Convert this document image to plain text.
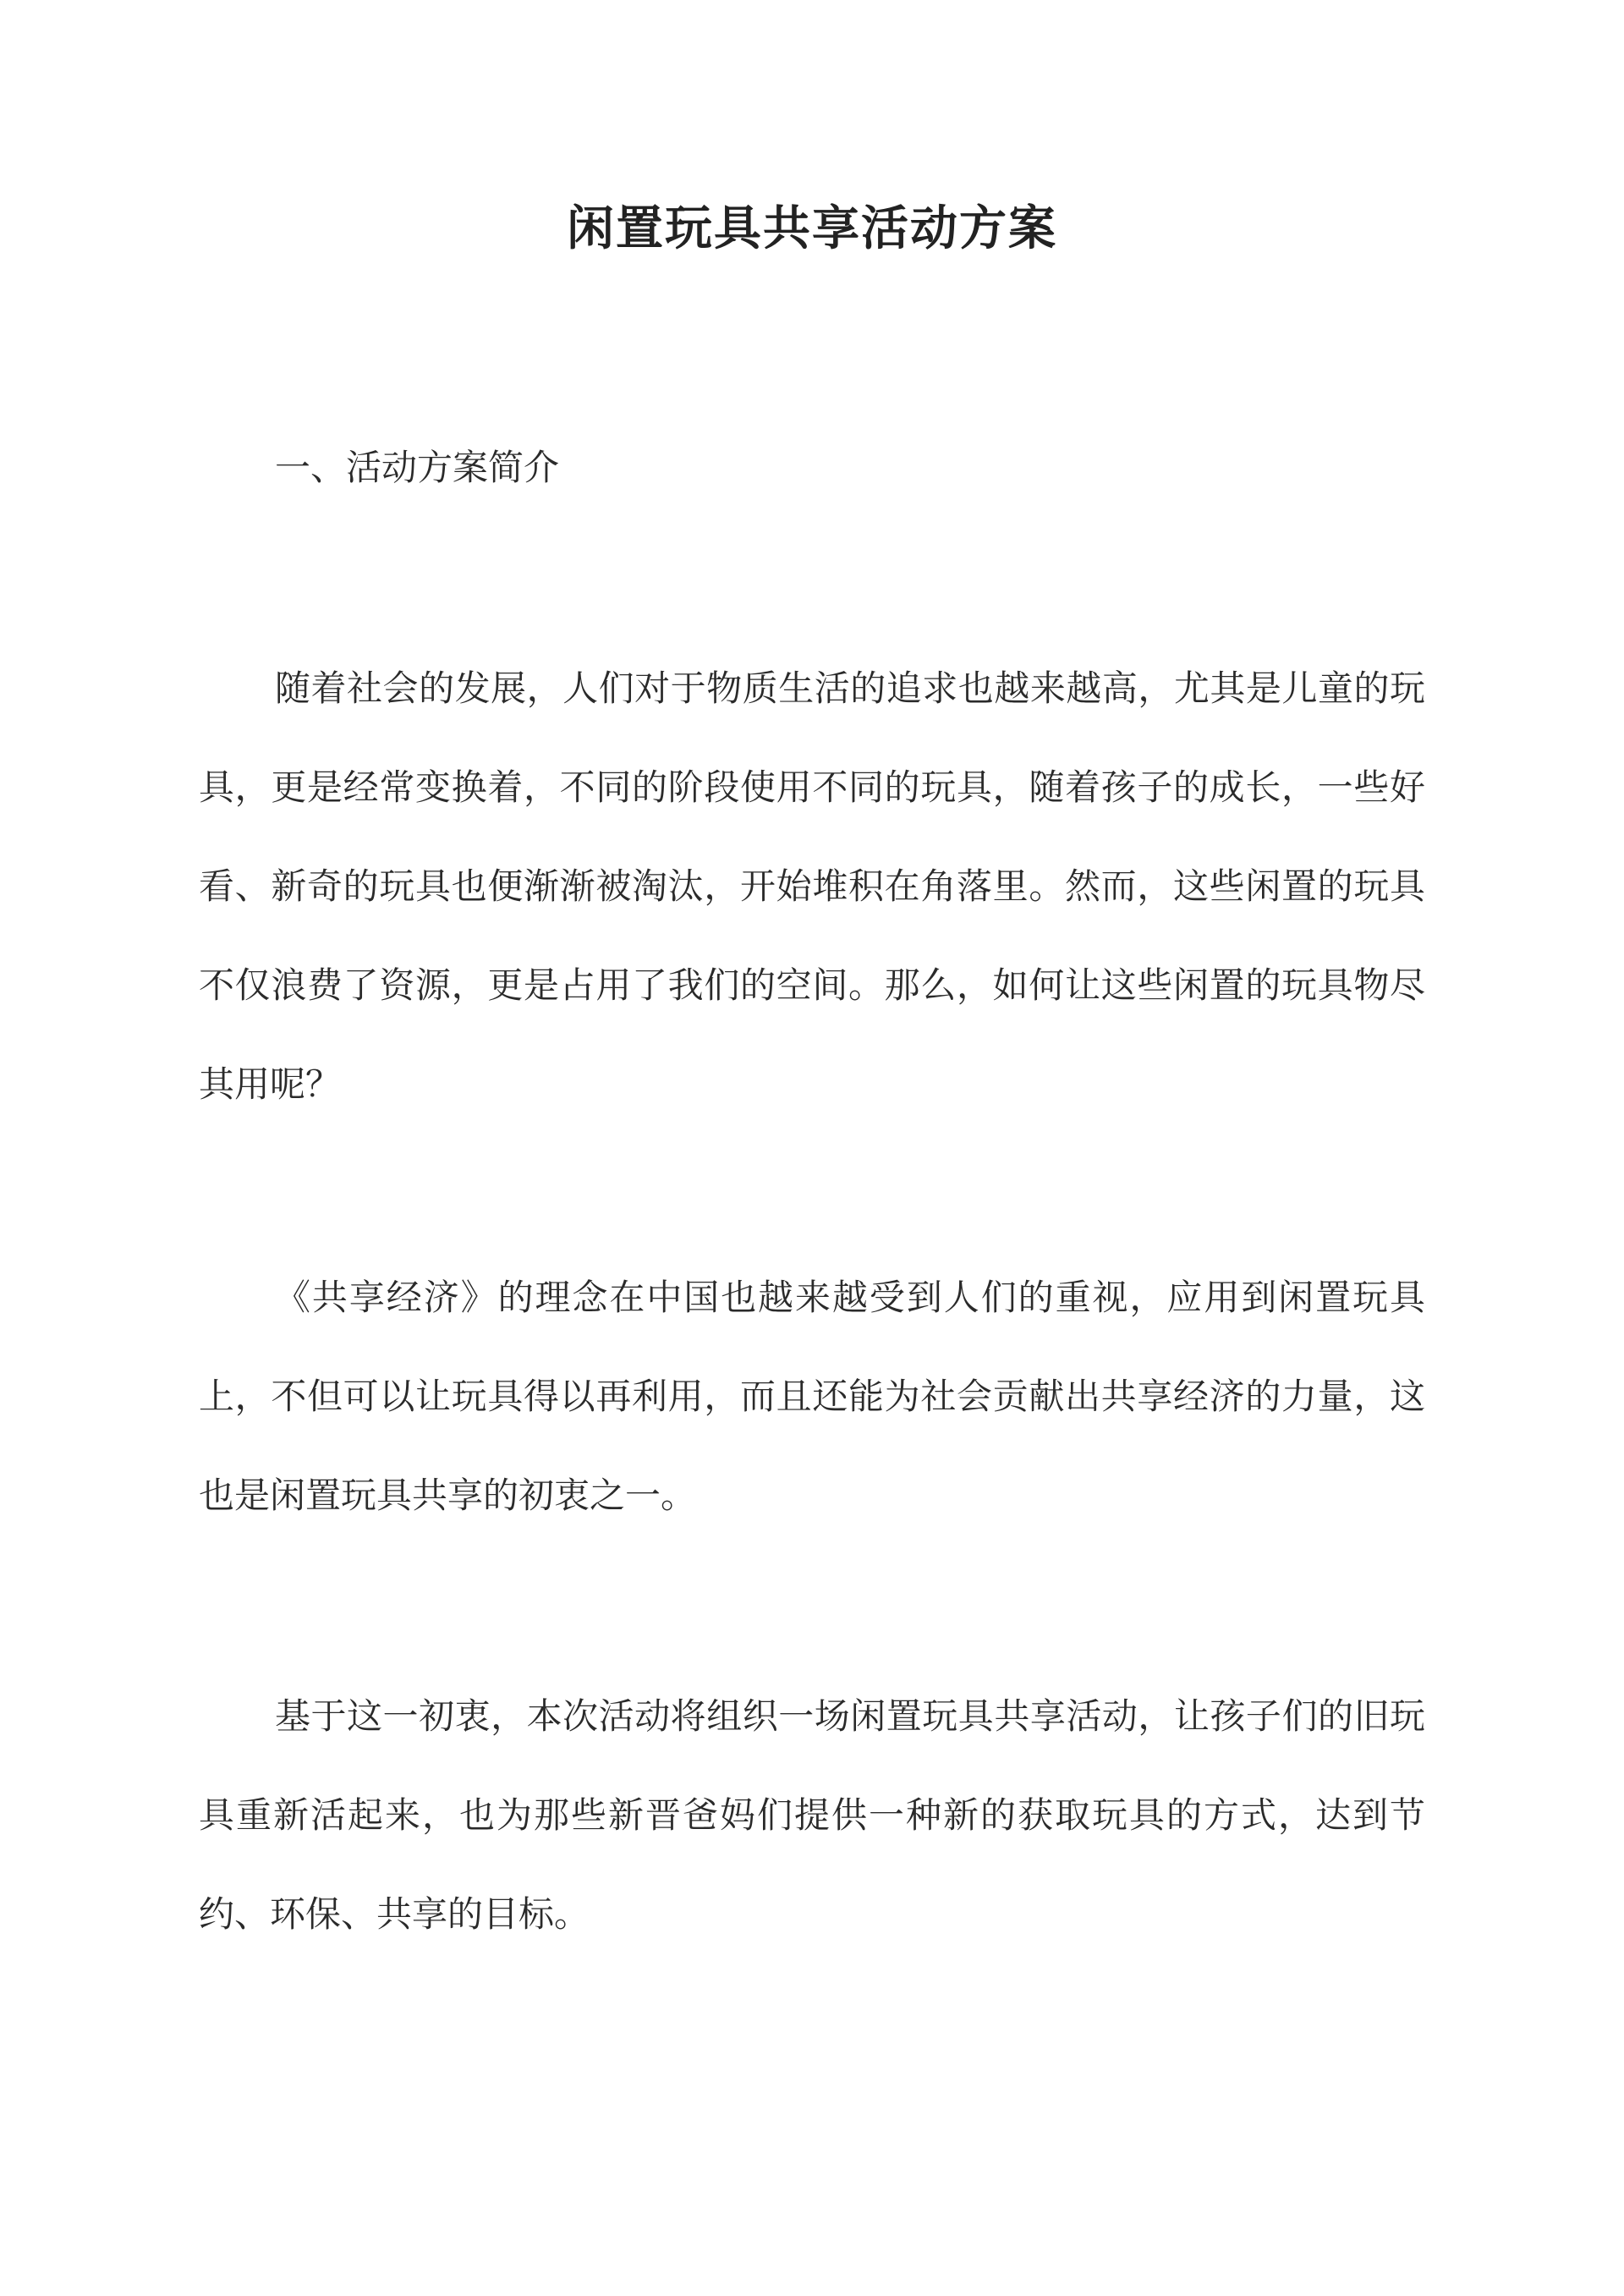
闲置玩具共享活动方案
一、活动方案简介

随着社会的发展，人们对于物质生活的追求也越来越高，尤其是儿童的玩具，更是经常变换着，不同的阶段使用不同的玩具，随着孩子的成长，一些好看、新奇的玩具也便渐渐被淘汰，开始堆积在角落里。然而，这些闲置的玩具不仅浪费了资源，更是占用了我们的空间。那么，如何让这些闲置的玩具物尽其用呢？

《共享经济》的理念在中国也越来越受到人们的重视，应用到闲置玩具上，不但可以让玩具得以再利用，而且还能为社会贡献出共享经济的力量，这也是闲置玩具共享的初衷之一。

基于这一初衷，本次活动将组织一场闲置玩具共享活动，让孩子们的旧玩具重新活起来，也为那些新晋爸妈们提供一种新的获取玩具的方式，达到节约、环保、共享的目标。
